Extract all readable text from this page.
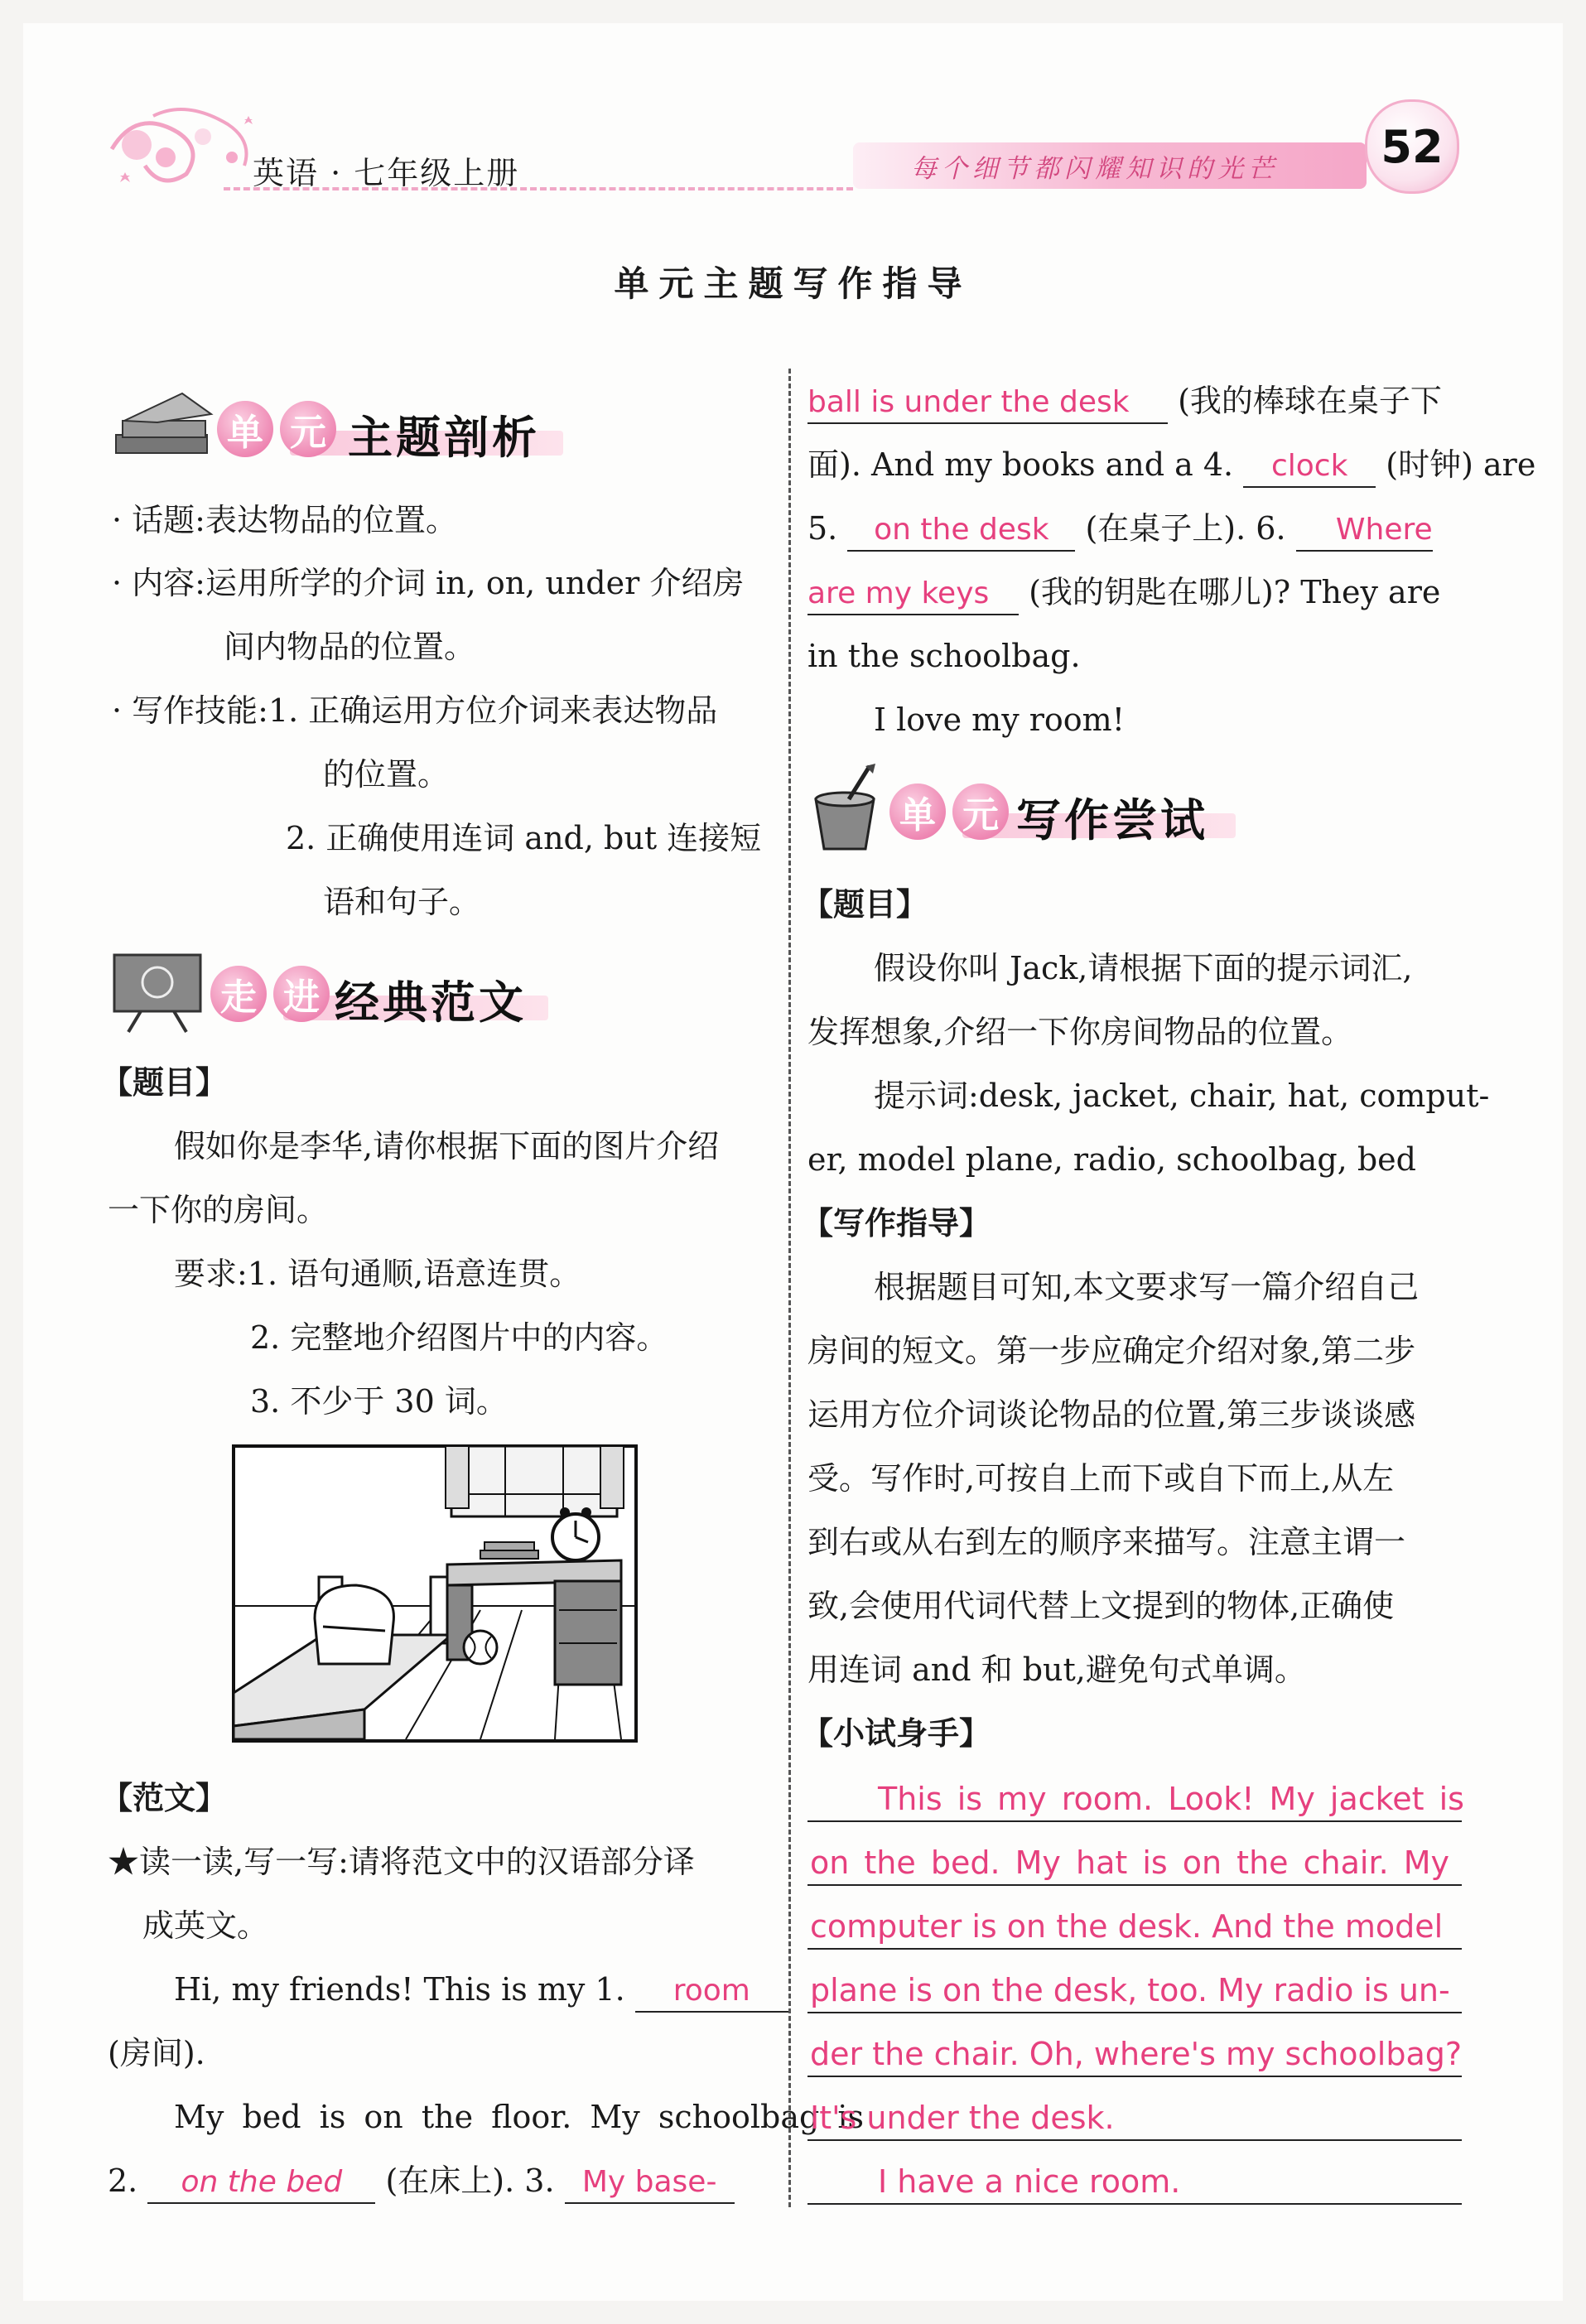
英语 · 七年级上册	每个细节都闪耀知识的光芒 52
单元主题写作指导
单 元 主题剖析
· 话题:表达物品的位置。
· 内容:运用所学的介词 in, on, under 介绍房
间内物品的位置。
· 写作技能:1. 正确运用方位介词来表达物品
的位置。
2. 正确使用连词 and, but 连接短
语和句子。
走 进 经典范文
【题目】
假如你是李华,请你根据下面的图片介绍
一下你的房间。
要求:1. 语句通顺,语意连贯。
2. 完整地介绍图片中的内容。
3. 不少于 30 词。
【范文】
★读一读,写一写:请将范文中的汉语部分译
成英文。
Hi, my friends! This is my 1. room
(房间).
My bed is on the floor. My schoolbag is
2. on the bed (在床上). 3. My base-
ball is under the desk (我的棒球在桌子下
面). And my books and a 4. clock (时钟) are
5. on the desk (在桌子上). 6. Where
are my keys (我的钥匙在哪儿)? They are
in the schoolbag.
I love my room!
单 元 写作尝试
【题目】
假设你叫 Jack,请根据下面的提示词汇,
发挥想象,介绍一下你房间物品的位置。
提示词:desk, jacket, chair, hat, comput-
er, model plane, radio, schoolbag, bed
【写作指导】
根据题目可知,本文要求写一篇介绍自己
房间的短文。第一步应确定介绍对象,第二步
运用方位介词谈论物品的位置,第三步谈谈感
受。写作时,可按自上而下或自下而上,从左
到右或从右到左的顺序来描写。注意主谓一
致,会使用代词代替上文提到的物体,正确使
用连词 and 和 but,避免句式单调。
【小试身手】
This is my room. Look! My jacket is
on the bed. My hat is on the chair. My
computer is on the desk. And the model
plane is on the desk, too. My radio is un-
der the chair. Oh, where's my schoolbag?
It's under the desk.
I have a nice room.
